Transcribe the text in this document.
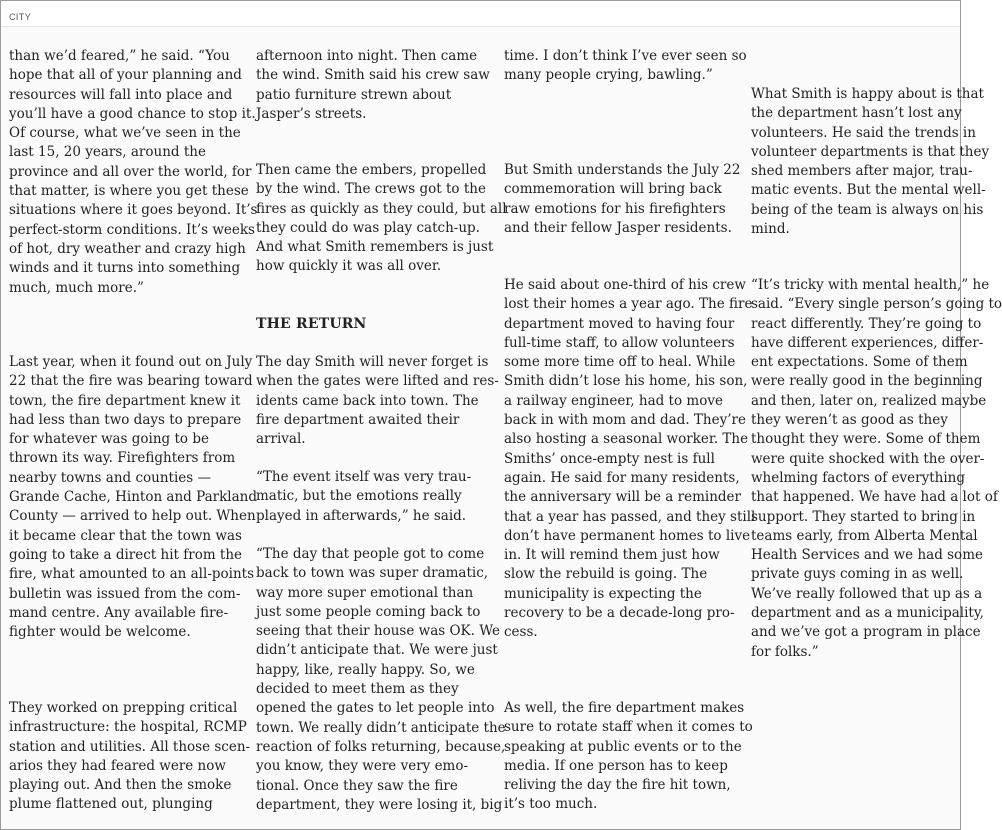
CITY

than we’d feared,” he said. “You
hope that all of your planning and
resources will fall into place and
you’ll have a good chance to stop it.
Of course, what we’ve seen in the
last 15, 20 years, around the
province and all over the world, for
that matter, is where you get these
situations where it goes beyond. It’s
perfect-storm conditions. It’s weeks
of hot, dry weather and crazy high
winds and it turns into something
much, much more.”

Last year, when it found out on July
22 that the fire was bearing toward
town, the fire department knew it
had less than two days to prepare
for whatever was going to be
thrown its way. Firefighters from
nearby towns and counties —
Grande Cache, Hinton and Parkland
County — arrived to help out. When
it became clear that the town was
going to take a direct hit from the
fire, what amounted to an all-points
bulletin was issued from the com-
mand centre. Any available fire-
fighter would be welcome.

They worked on prepping critical
infrastructure: the hospital, RCMP
station and utilities. All those scen-
arios they had feared were now
playing out. And then the smoke
plume flattened out, plunging

afternoon into night. Then came
the wind. Smith said his crew saw
patio furniture strewn about
Jasper’s streets.

Then came the embers, propelled
by the wind. The crews got to the
fires as quickly as they could, but all
they could do was play catch-up.
And what Smith remembers is just
how quickly it was all over.

THE RETURN

The day Smith will never forget is
when the gates were lifted and res-
idents came back into town. The
fire department awaited their
arrival.

“The event itself was very trau-
matic, but the emotions really
played in afterwards,” he said.

“The day that people got to come
back to town was super dramatic,
way more super emotional than
just some people coming back to
seeing that their house was OK. We
didn’t anticipate that. We were just
happy, like, really happy. So, we
decided to meet them as they
opened the gates to let people into
town. We really didn’t anticipate the
reaction of folks returning, because,
you know, they were very emo-
tional. Once they saw the fire
department, they were losing it, big

time. I don’t think I’ve ever seen so
many people crying, bawling.”

But Smith understands the July 22
commemoration will bring back
raw emotions for his firefighters
and their fellow Jasper residents.

He said about one-third of his crew
lost their homes a year ago. The fire
department moved to having four
full-time staff, to allow volunteers
some more time off to heal. While
Smith didn’t lose his home, his son,
a railway engineer, had to move
back in with mom and dad. They’re
also hosting a seasonal worker. The
Smiths’ once-empty nest is full
again. He said for many residents,
the anniversary will be a reminder
that a year has passed, and they still
don’t have permanent homes to live
in. It will remind them just how
slow the rebuild is going. The
municipality is expecting the
recovery to be a decade-long pro-
cess.

As well, the fire department makes
sure to rotate staff when it comes to
speaking at public events or to the
media. If one person has to keep
reliving the day the fire hit town,
it’s too much.

What Smith is happy about is that
the department hasn’t lost any
volunteers. He said the trends in
volunteer departments is that they
shed members after major, trau-
matic events. But the mental well-
being of the team is always on his
mind.

“It’s tricky with mental health,” he
said. “Every single person’s going to
react differently. They’re going to
have different experiences, differ-
ent expectations. Some of them
were really good in the beginning
and then, later on, realized maybe
they weren’t as good as they
thought they were. Some of them
were quite shocked with the over-
whelming factors of everything
that happened. We have had a lot of
support. They started to bring in
teams early, from Alberta Mental
Health Services and we had some
private guys coming in as well.
We’ve really followed that up as a
department and as a municipality,
and we’ve got a program in place
for folks.”
